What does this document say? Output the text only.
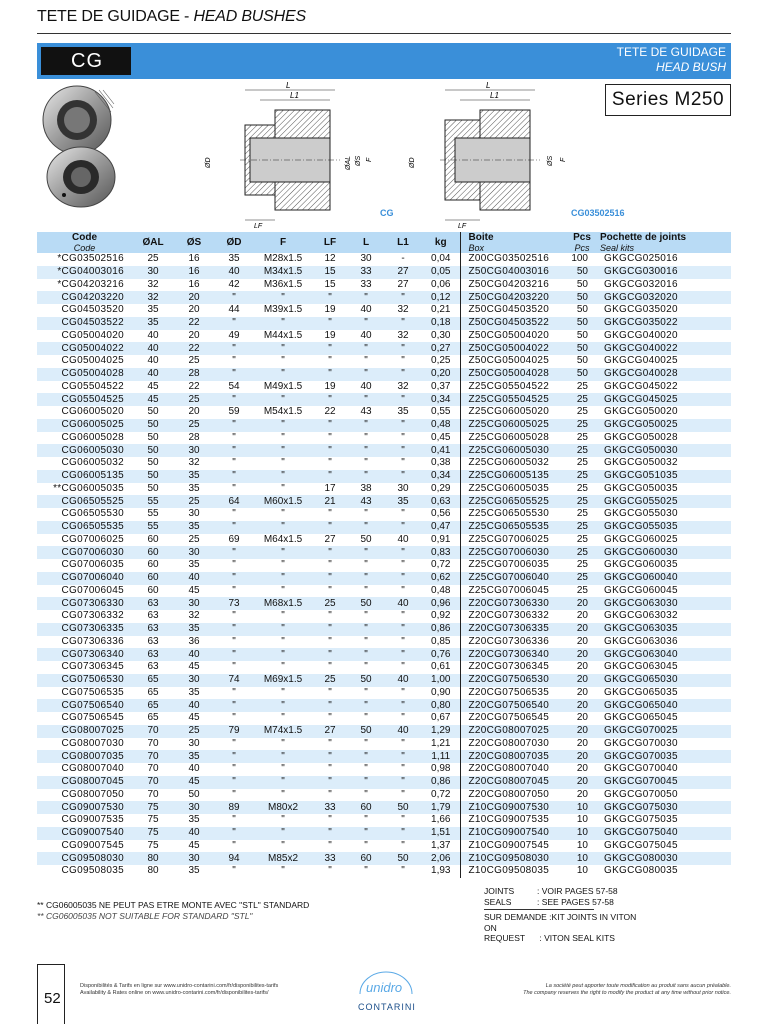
TETE DE GUIDAGE - HEAD BUSHES
CG	TETE DE GUIDAGE
HEAD BUSH
Series M250
L
L1
ØD	ØAL ØS F
LF
CG
L
L1
ØD	ØS F
LF
CG03502516
Code
Code	ØAL	ØS	ØD	F	LF	L	L1	kg	Boite
Box	Pcs
Pcs	Pochette de joints
Seal kits

*CG03502516	25	16	35	M28x1.5	12	30	-	0,04	Z00CG03502516	100	GKGCG025016
*CG04003016	30	16	40	M34x1.5	15	33	27	0,05	Z50CG04003016	50	GKGCG030016
*CG04203216	32	16	42	M36x1.5	15	33	27	0,06	Z50CG04203216	50	GKGCG032016
CG04203220	32	20	"	"	"	"	"	0,12	Z50CG04203220	50	GKGCG032020
CG04503520	35	20	44	M39x1.5	19	40	32	0,21	Z50CG04503520	50	GKGCG035020
CG04503522	35	22	"	"	"	"	"	0,18	Z50CG04503522	50	GKGCG035022
CG05004020	40	20	49	M44x1.5	19	40	32	0,30	Z50CG05004020	50	GKGCG040020
CG05004022	40	22	"	"	"	"	"	0,27	Z50CG05004022	50	GKGCG040022
CG05004025	40	25	"	"	"	"	"	0,25	Z50CG05004025	50	GKGCG040025
CG05004028	40	28	"	"	"	"	"	0,20	Z50CG05004028	50	GKGCG040028
CG05504522	45	22	54	M49x1.5	19	40	32	0,37	Z25CG05504522	25	GKGCG045022
CG05504525	45	25	"	"	"	"	"	0,34	Z25CG05504525	25	GKGCG045025
CG06005020	50	20	59	M54x1.5	22	43	35	0,55	Z25CG06005020	25	GKGCG050020
CG06005025	50	25	"	"	"	"	"	0,48	Z25CG06005025	25	GKGCG050025
CG06005028	50	28	"	"	"	"	"	0,45	Z25CG06005028	25	GKGCG050028
CG06005030	50	30	"	"	"	"	"	0,41	Z25CG06005030	25	GKGCG050030
CG06005032	50	32	"	"	"	"	"	0,38	Z25CG06005032	25	GKGCG050032
CG06005135	50	35	"	"	"	"	"	0,34	Z25CG06005135	25	GKGCG051035
**CG06005035	50	35	"	"	17	38	30	0,29	Z25CG06005035	25	GKGCG050035
CG06505525	55	25	64	M60x1.5	21	43	35	0,63	Z25CG06505525	25	GKGCG055025
CG06505530	55	30	"	"	"	"	"	0,56	Z25CG06505530	25	GKGCG055030
CG06505535	55	35	"	"	"	"	"	0,47	Z25CG06505535	25	GKGCG055035
CG07006025	60	25	69	M64x1.5	27	50	40	0,91	Z25CG07006025	25	GKGCG060025
CG07006030	60	30	"	"	"	"	"	0,83	Z25CG07006030	25	GKGCG060030
CG07006035	60	35	"	"	"	"	"	0,72	Z25CG07006035	25	GKGCG060035
CG07006040	60	40	"	"	"	"	"	0,62	Z25CG07006040	25	GKGCG060040
CG07006045	60	45	"	"	"	"	"	0,48	Z25CG07006045	25	GKGCG060045
CG07306330	63	30	73	M68x1.5	25	50	40	0,96	Z20CG07306330	20	GKGCG063030
CG07306332	63	32	"	"	"	"	"	0,92	Z20CG07306332	20	GKGCG063032
CG07306335	63	35	"	"	"	"	"	0,86	Z20CG07306335	20	GKGCG063035
CG07306336	63	36	"	"	"	"	"	0,85	Z20CG07306336	20	GKGCG063036
CG07306340	63	40	"	"	"	"	"	0,76	Z20CG07306340	20	GKGCG063040
CG07306345	63	45	"	"	"	"	"	0,61	Z20CG07306345	20	GKGCG063045
CG07506530	65	30	74	M69x1.5	25	50	40	1,00	Z20CG07506530	20	GKGCG065030
CG07506535	65	35	"	"	"	"	"	0,90	Z20CG07506535	20	GKGCG065035
CG07506540	65	40	"	"	"	"	"	0,80	Z20CG07506540	20	GKGCG065040
CG07506545	65	45	"	"	"	"	"	0,67	Z20CG07506545	20	GKGCG065045
CG08007025	70	25	79	M74x1.5	27	50	40	1,29	Z20CG08007025	20	GKGCG070025
CG08007030	70	30	"	"	"	"	"	1,21	Z20CG08007030	20	GKGCG070030
CG08007035	70	35	"	"	"	"	"	1,11	Z20CG08007035	20	GKGCG070035
CG08007040	70	40	"	"	"	"	"	0,98	Z20CG08007040	20	GKGCG070040
CG08007045	70	45	"	"	"	"	"	0,86	Z20CG08007045	20	GKGCG070045
CG08007050	70	50	"	"	"	"	"	0,72	Z20CG08007050	20	GKGCG070050
CG09007530	75	30	89	M80x2	33	60	50	1,79	Z10CG09007530	10	GKGCG075030
CG09007535	75	35	"	"	"	"	"	1,66	Z10CG09007535	10	GKGCG075035
CG09007540	75	40	"	"	"	"	"	1,51	Z10CG09007540	10	GKGCG075040
CG09007545	75	45	"	"	"	"	"	1,37	Z10CG09007545	10	GKGCG075045
CG09508030	80	30	94	M85x2	33	60	50	2,06	Z10CG09508030	10	GKGCG080030
CG09508035	80	35	"	"	"	"	"	1,93	Z10CG09508035	10	GKGCG080035
** CG06005035 NE PEUT PAS ETRE MONTE AVEC "STL" STANDARD
** CG06005035 NOT SUITABLE FOR STANDARD "STL"
JOINTS	: VOIR PAGES 57-58
SEALS	: SEE PAGES 57-58
SUR DEMANDE :KIT JOINTS IN VITON
ON REQUEST : VITON SEAL KITS
52
Disponibilités & Tarifs en ligne sur www.unidro-contarini.com/fr/disponibilites-tarifs
Availability & Rates online on www.unidro-contarini.com/fr/disponibilites-tarifs/	unidro
CONTARINI
La société peut apporter toute modification au produit sans aucun préalable.
The company reserves the right to modify the product at any time without prior notice.
